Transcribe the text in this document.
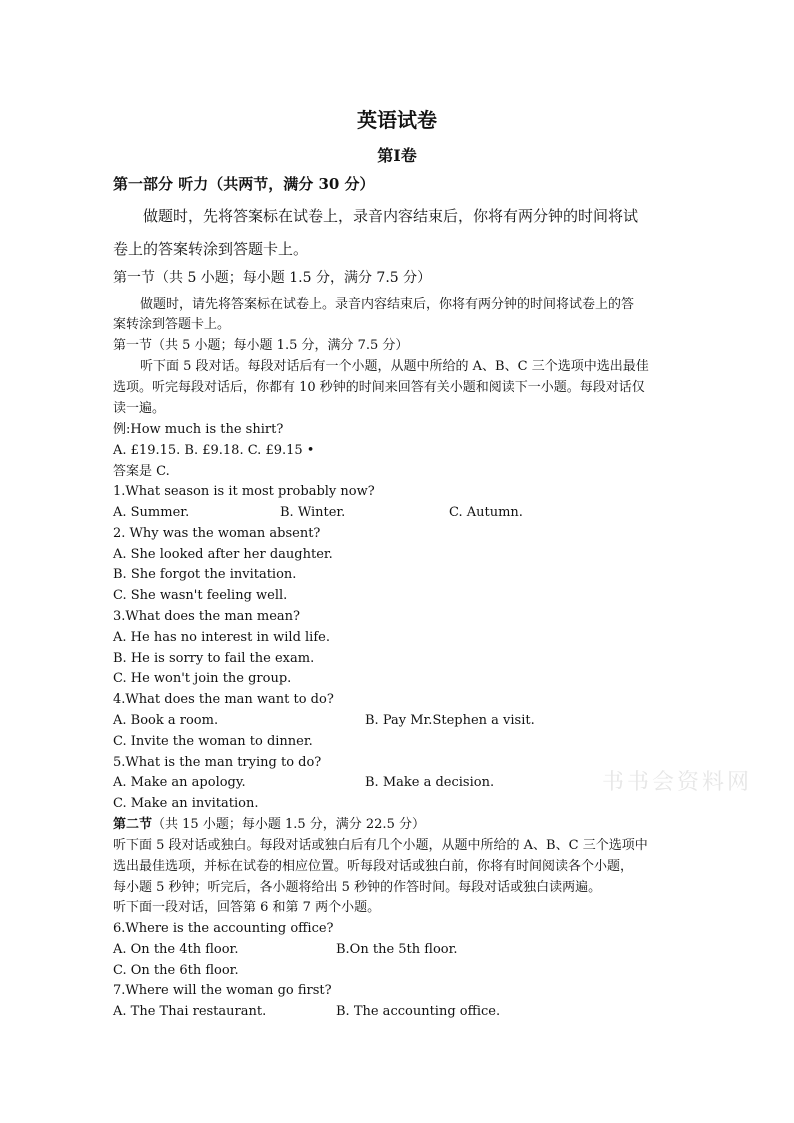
英语试卷
第Ⅰ卷
第一部分 听力（共两节，满分 30 分）
做题时，先将答案标在试卷上，录音内容结束后，你将有两分钟的时间将试
卷上的答案转涂到答题卡上。
第一节（共 5 小题；每小题 1.5 分，满分 7.5 分）
做题时，请先将答案标在试卷上。录音内容结束后，你将有两分钟的时间将试卷上的答
案转涂到答题卡上。
第一节（共 5 小题；每小题 1.5 分，满分 7.5 分）
听下面 5 段对话。每段对话后有一个小题，从题中所给的 A、B、C 三个选项中选出最佳
选项。听完每段对话后，你都有 10 秒钟的时间来回答有关小题和阅读下一小题。每段对话仅
读一遍。
例:How much is the shirt?
A. £19.15. B. £9.18. C. £9.15 •
答案是 C.
1.What season is it most probably now?
A. Summer.	B. Winter.	C. Autumn.
2. Why was the woman absent?
A. She looked after her daughter.
B. She forgot the invitation.
C. She wasn't feeling well.
3.What does the man mean?
A. He has no interest in wild life.
B. He is sorry to fail the exam.
C. He won't join the group.
4.What does the man want to do?
A. Book a room.	B. Pay Mr.Stephen a visit.
C. Invite the woman to dinner.
5.What is the man trying to do?
A. Make an apology.	B. Make a decision.
C. Make an invitation.
第二节（共 15 小题；每小题 1.5 分，满分 22.5 分）
听下面 5 段对话或独白。每段对话或独白后有几个小题，从题中所给的 A、B、C 三个选项中
选出最佳选项，并标在试卷的相应位置。听每段对话或独白前，你将有时间阅读各个小题，
每小题 5 秒钟；听完后，各小题将给出 5 秒钟的作答时间。每段对话或独白读两遍。
听下面一段对话，回答第 6 和第 7 两个小题。
6.Where is the accounting office?
A. On the 4th floor.	B.On the 5th floor.
C. On the 6th floor.
7.Where will the woman go first?
A. The Thai restaurant.	B. The accounting office.
书书会资料网
